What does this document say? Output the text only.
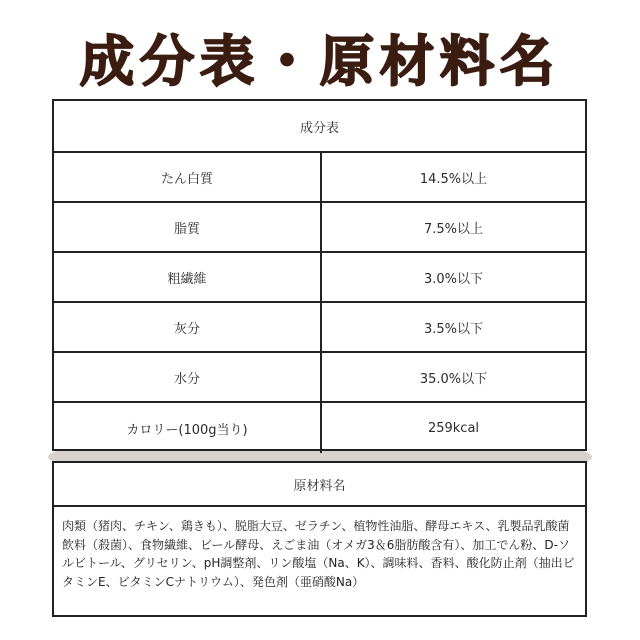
成分表・原材料名
成分表
たん白質	14.5%以上
脂質	7.5%以上
粗繊維	3.0%以下
灰分	3.5%以下
水分	35.0%以下
カロリー(100g当り)	259kcal
原材料名
肉類（猪肉、チキン、鶏きも）、脱脂大豆、ゼラチン、植物性油脂、酵母エキス、乳製品乳酸菌飲料（殺菌）、食物繊維、ビール酵母、えごま油（オメガ3＆6脂肪酸含有）、加工でん粉、D-ソルビトール、グリセリン、pH調整剤、リン酸塩（Na、K）、調味料、香料、酸化防止剤（抽出ビタミンE、ビタミンCナトリウム）、発色剤（亜硝酸Na）
